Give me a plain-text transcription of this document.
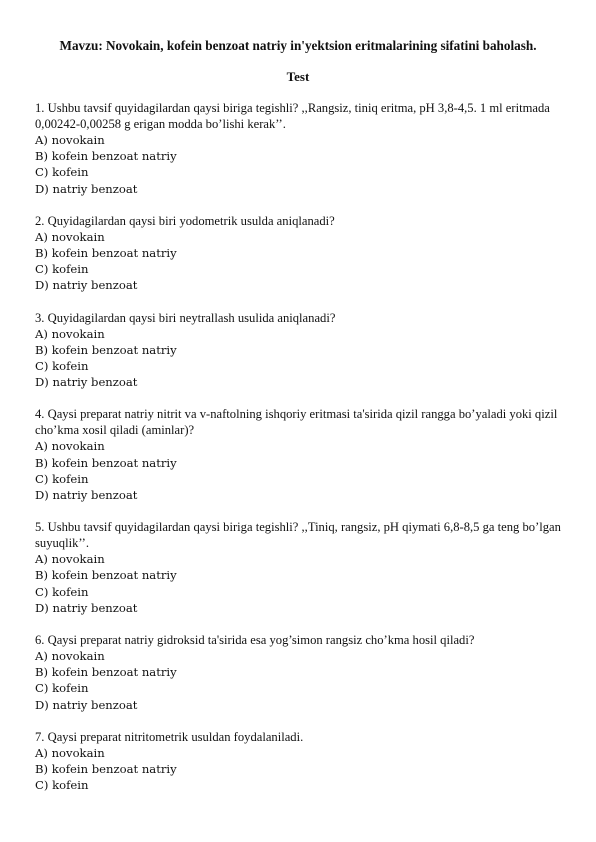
Mavzu: Novokain, kofein benzoat natriy in'yektsion eritmalarining sifatini baholash.
Test

1. Ushbu tavsif quyidagilardan qaysi biriga tegishli? ,,Rangsiz, tiniq eritma, pH 3,8-4,5. 1 ml eritmada 0,00242-0,00258 g erigan modda bo’lishi kerak’’.

A) novokain
B) kofein benzoat natriy
C) kofein
D) natriy benzoat

2. Quyidagilardan qaysi biri yodometrik usulda aniqlanadi?

A) novokain
B) kofein benzoat natriy
C) kofein
D) natriy benzoat

3. Quyidagilardan qaysi biri neytrallash usulida aniqlanadi?

A) novokain
B) kofein benzoat natriy
C) kofein
D) natriy benzoat

4. Qaysi preparat natriy nitrit va v-naftolning ishqoriy eritmasi ta'sirida qizil rangga bo’yaladi yoki qizil cho’kma xosil qiladi (aminlar)?

A) novokain
B) kofein benzoat natriy
C) kofein
D) natriy benzoat

5. Ushbu tavsif quyidagilardan qaysi biriga tegishli? ,,Tiniq, rangsiz, pH qiymati 6,8-8,5 ga teng bo’lgan suyuqlik’’.

A) novokain
B) kofein benzoat natriy
C) kofein
D) natriy benzoat

6. Qaysi preparat natriy gidroksid ta'sirida esa yog’simon rangsiz cho’kma hosil qiladi?

A) novokain
B) kofein benzoat natriy
C) kofein
D) natriy benzoat

7. Qaysi preparat nitritometrik usuldan foydalaniladi.

A) novokain
B) kofein benzoat natriy
C) kofein
